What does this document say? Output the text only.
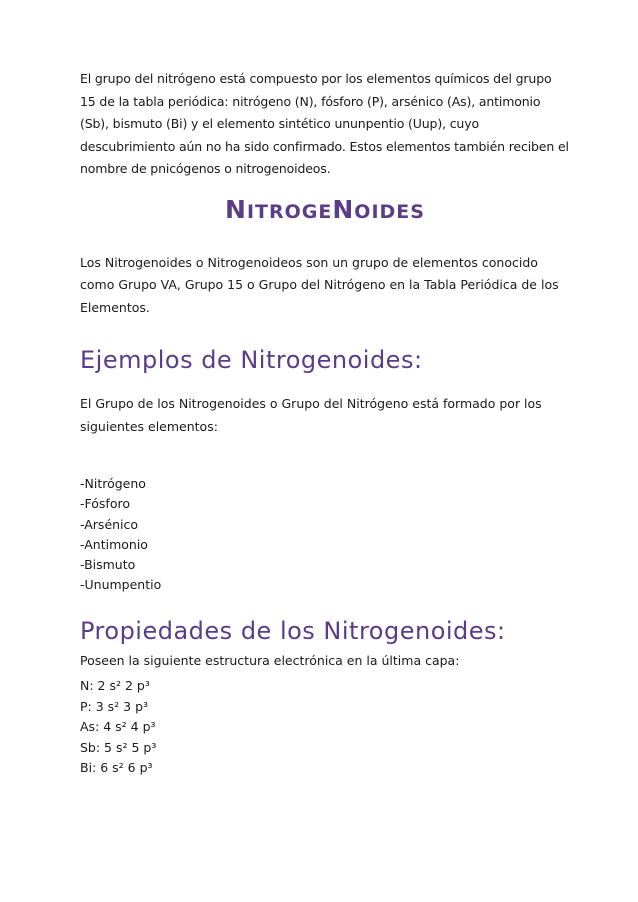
El grupo del nitrógeno está compuesto por los elementos químicos del grupo 15 de la tabla periódica: nitrógeno (N), fósforo (P), arsénico (As), antimonio (Sb), bismuto (Bi) y el elemento sintético ununpentio (Uup), cuyo descubrimiento aún no ha sido confirmado. Estos elementos también reciben el nombre de pnicógenos o nitrogenoideos.

NITROGENOIDES

Los Nitrogenoides o Nitrogenoideos son un grupo de elementos conocido como Grupo VA, Grupo 15 o Grupo del Nitrógeno en la Tabla Periódica de los Elementos.

Ejemplos de Nitrogenoides:

El Grupo de los Nitrogenoides o Grupo del Nitrógeno está formado por los siguientes elementos:

-Nitrógeno
-Fósforo
-Arsénico
-Antimonio
-Bismuto
-Unumpentio
Propiedades de los Nitrogenoides:

Poseen la siguiente estructura electrónica en la última capa:

N: 2 s² 2 p³
P: 3 s² 3 p³
As: 4 s² 4 p³
Sb: 5 s² 5 p³
Bi: 6 s² 6 p³
